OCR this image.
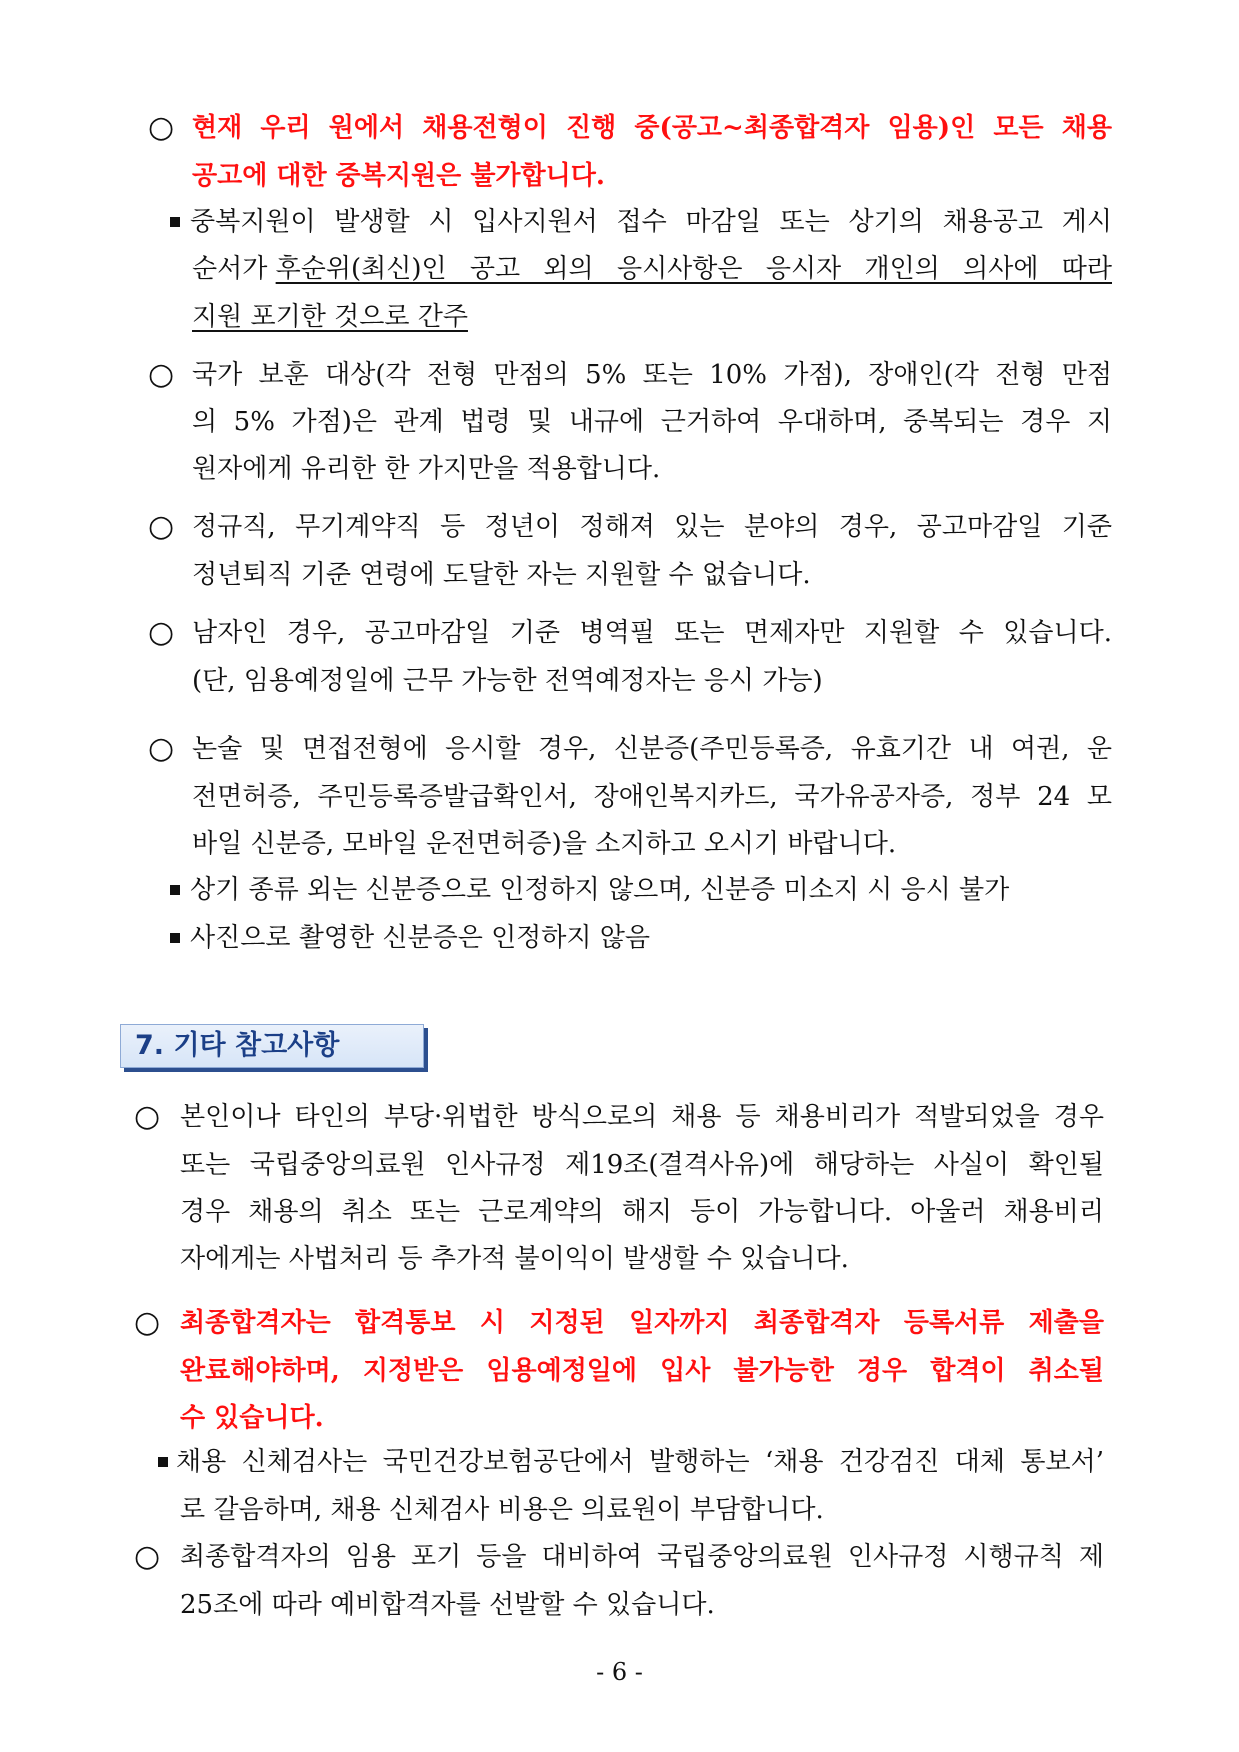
○ 현재 우리 원에서 채용전형이 진행 중(공고~최종합격자 임용)인 모든 채용
공고에 대한 중복지원은 불가합니다.
중복지원이 발생할 시 입사지원서 접수 마감일 또는 상기의 채용공고 게시
순서가 후순위(최신)인 공고 외의 응시사항은 응시자 개인의 의사에 따라
지원 포기한 것으로 간주
○ 국가 보훈 대상(각 전형 만점의 5% 또는 10% 가점), 장애인(각 전형 만점
의 5% 가점)은 관계 법령 및 내규에 근거하여 우대하며, 중복되는 경우 지
원자에게 유리한 한 가지만을 적용합니다.
○ 정규직, 무기계약직 등 정년이 정해져 있는 분야의 경우, 공고마감일 기준
정년퇴직 기준 연령에 도달한 자는 지원할 수 없습니다.
○ 남자인 경우, 공고마감일 기준 병역필 또는 면제자만 지원할 수 있습니다.
(단, 임용예정일에 근무 가능한 전역예정자는 응시 가능)
○ 논술 및 면접전형에 응시할 경우, 신분증(주민등록증, 유효기간 내 여권, 운
전면허증, 주민등록증발급확인서, 장애인복지카드, 국가유공자증, 정부 24 모
바일 신분증, 모바일 운전면허증)을 소지하고 오시기 바랍니다.
상기 종류 외는 신분증으로 인정하지 않으며, 신분증 미소지 시 응시 불가
사진으로 촬영한 신분증은 인정하지 않음
7. 기타 참고사항
○ 본인이나 타인의 부당·위법한 방식으로의 채용 등 채용비리가 적발되었을 경우
또는 국립중앙의료원 인사규정 제19조(결격사유)에 해당하는 사실이 확인될
경우 채용의 취소 또는 근로계약의 해지 등이 가능합니다. 아울러 채용비리
자에게는 사법처리 등 추가적 불이익이 발생할 수 있습니다.
○ 최종합격자는 합격통보 시 지정된 일자까지 최종합격자 등록서류 제출을
완료해야하며, 지정받은 임용예정일에 입사 불가능한 경우 합격이 취소될
수 있습니다.
채용 신체검사는 국민건강보험공단에서 발행하는 ‘채용 건강검진 대체 통보서’
로 갈음하며, 채용 신체검사 비용은 의료원이 부담합니다.
○ 최종합격자의 임용 포기 등을 대비하여 국립중앙의료원 인사규정 시행규칙 제
25조에 따라 예비합격자를 선발할 수 있습니다.
- 6 -
